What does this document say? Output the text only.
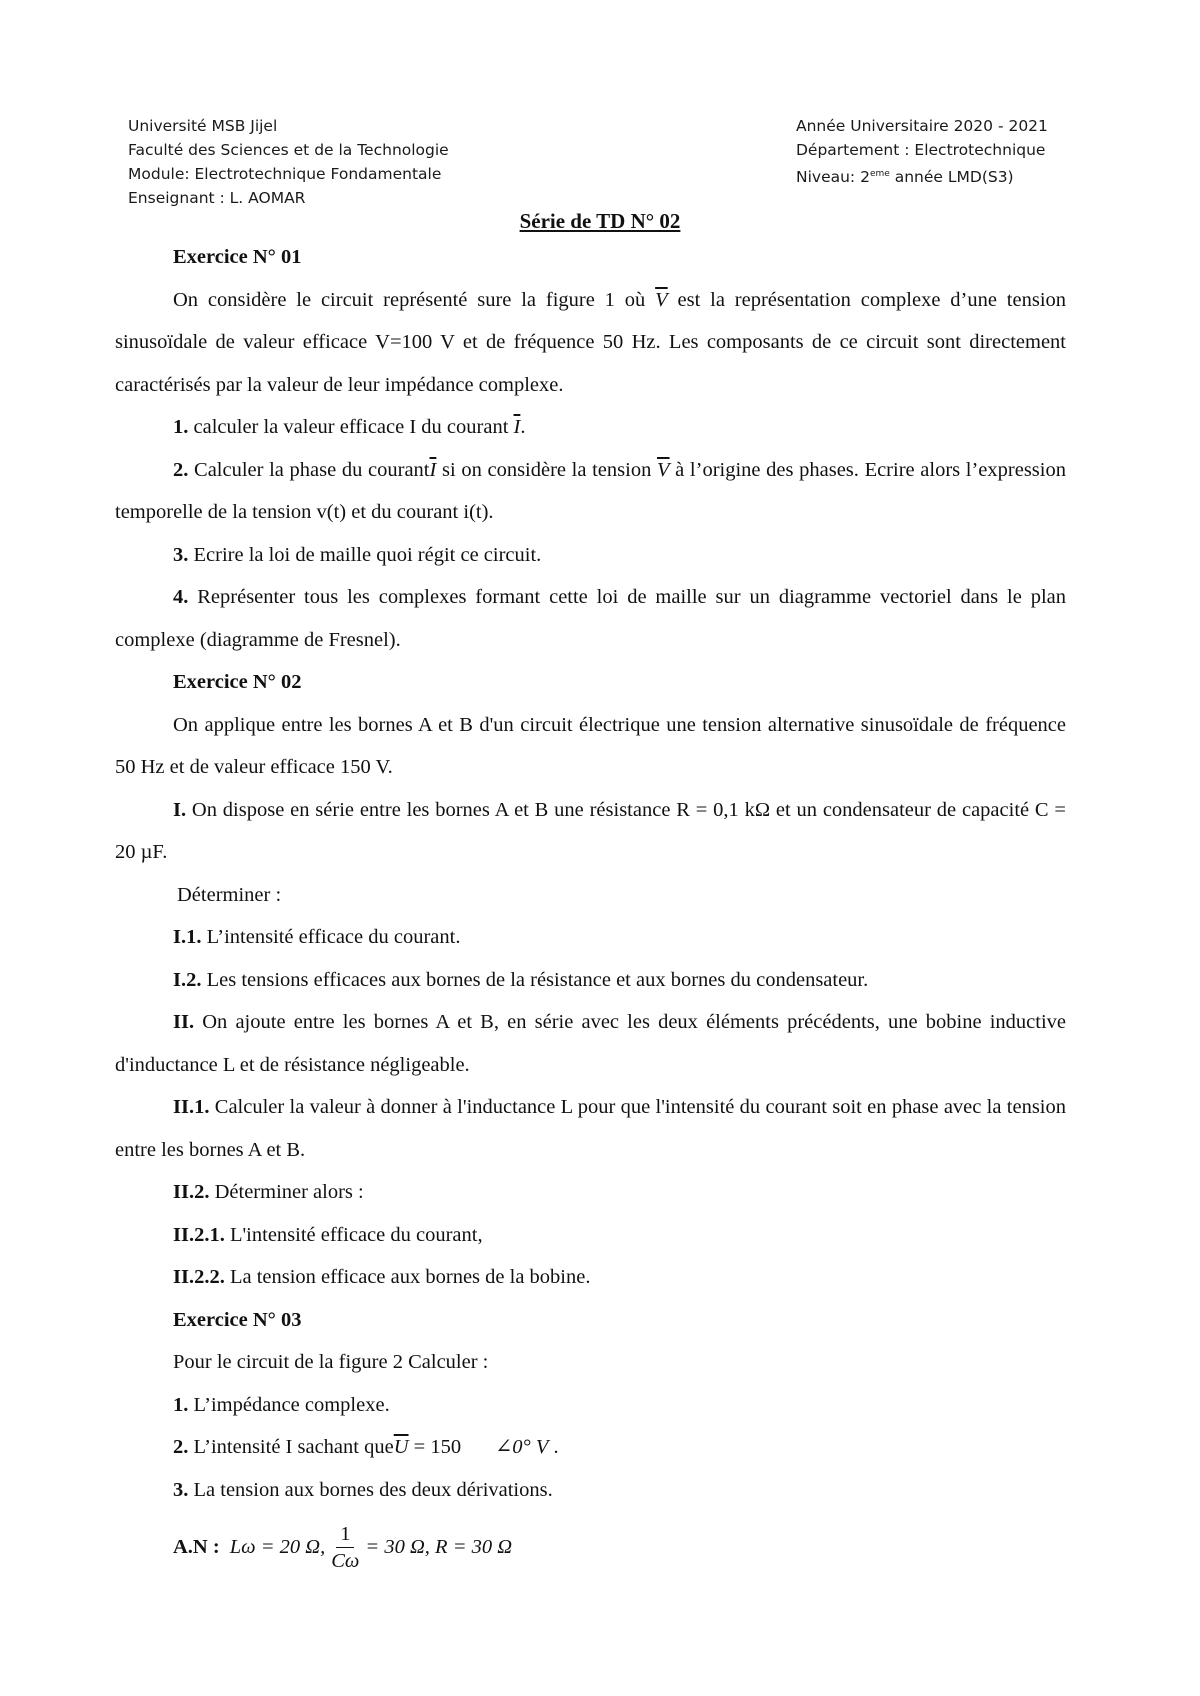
Université MSB Jijel
Faculté des Sciences et de la Technologie
Module: Electrotechnique Fondamentale
Enseignant : L. AOMAR
Année Universitaire 2020 - 2021
Département : Electrotechnique
Niveau: 2eme année LMD(S3)
Série de TD N° 02

Exercice N° 01

On considère le circuit représenté sure la figure 1 où $\overline{V}$ est la représentation complexe d’une tension sinusoïdale de valeur efficace V=100 V et de fréquence 50 Hz. Les composants de ce circuit sont directement caractérisés par la valeur de leur impédance complexe.

1. calculer la valeur efficace I du courant $\overline{I}$.

2. Calculer la phase du $courant\overline{I}$ si on considère la tension $\overline{V}$ à l’origine des phases. Ecrire alors l’expression temporelle de la tension v(t) et du courant i(t).

3. Ecrire la loi de maille quoi régit ce circuit.

4. Représenter tous les complexes formant cette loi de maille sur un diagramme vectoriel dans le plan complexe (diagramme de Fresnel).

Exercice N° 02

On applique entre les bornes A et B d'un circuit électrique une tension alternative sinusoïdale de fréquence 50 Hz et de valeur efficace 150 V.

I. On dispose en série entre les bornes A et B une résistance R = 0,1 kΩ et un condensateur de capacité C = 20 µF.

Déterminer :

I.1. L’intensité efficace du courant.

I.2. Les tensions efficaces aux bornes de la résistance et aux bornes du condensateur.

II. On ajoute entre les bornes A et B, en série avec les deux éléments précédents, une bobine inductive d'inductance L et de résistance négligeable.

II.1. Calculer la valeur à donner à l'inductance L pour que l'intensité du courant soit en phase avec la tension entre les bornes A et B.

II.2. Déterminer alors :

II.2.1. L'intensité efficace du courant,

II.2.2. La tension efficace aux bornes de la bobine.

Exercice N° 03

Pour le circuit de la figure 2 Calculer :

1. L’impédance complexe.

2. L’intensité I sachant $que\overline{U} = 150$ ∠0° V .

3. La tension aux bornes des deux dérivations.

A.N : Lω = 20 Ω, $\frac{1}{C\omega} = 30$ Ω, R = 30 Ω
